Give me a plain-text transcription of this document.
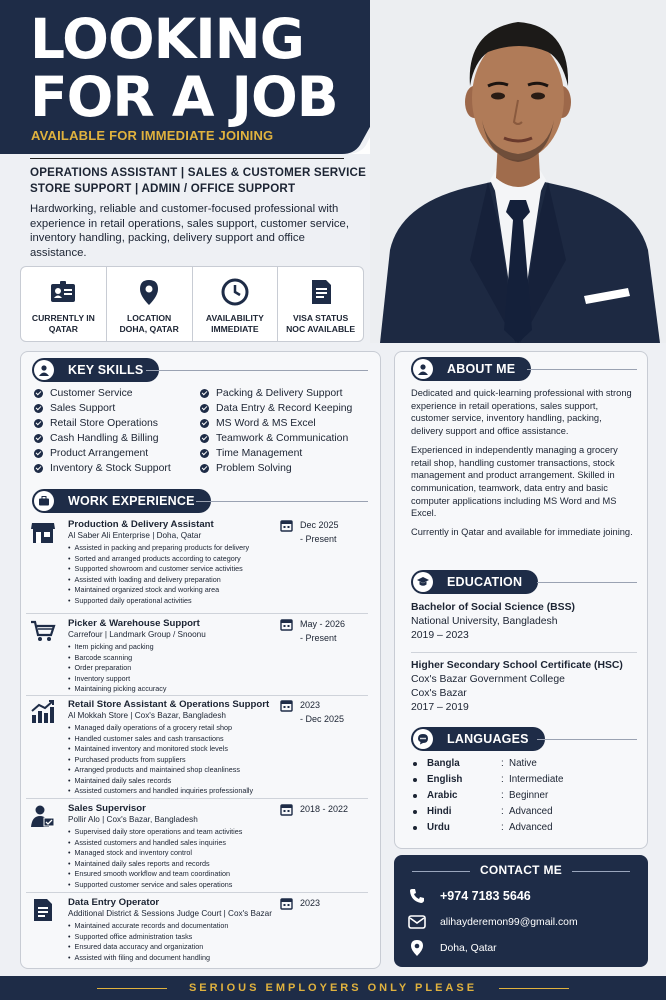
LOOKING
FOR A JOB
AVAILABLE FOR IMMEDIATE JOINING
OPERATIONS ASSISTANT | SALES & CUSTOMER SERVICE
STORE SUPPORT | ADMIN / OFFICE SUPPORT
Hardworking, reliable and customer-focused professional with experience in retail operations, sales support, customer service, inventory handling, packing, delivery support and office assistance.
CURRENTLY IN
QATAR
LOCATION
DOHA, QATAR
AVAILABILITY
IMMEDIATE
VISA STATUS
NOC AVAILABLE
KEY SKILLS
Customer Service
Sales Support
Retail Store Operations
Cash Handling & Billing
Product Arrangement
Inventory & Stock Support
Packing & Delivery Support
Data Entry & Record Keeping
MS Word & MS Excel
Teamwork & Communication
Time Management
Problem Solving
WORK EXPERIENCE
Production & Delivery Assistant
Al Saber Ali Enterprise | Doha, Qatar
• Assisted in packing and preparing products for delivery
• Sorted and arranged products according to category
• Supported showroom and customer service activities
• Assisted with loading and delivery preparation
• Maintained organized stock and working area
• Supported daily operational activities
Dec 2025
- Present
Picker & Warehouse Support
Carrefour | Landmark Group / Snoonu
• Item picking and packing
• Barcode scanning
• Order preparation
• Inventory support
• Maintaining picking accuracy
May - 2026
- Present
Retail Store Assistant & Operations Support
Al Mokkah Store | Cox's Bazar, Bangladesh
• Managed daily operations of a grocery retail shop
• Handled customer sales and cash transactions
• Maintained inventory and monitored stock levels
• Purchased products from suppliers
• Arranged products and maintained shop cleanliness
• Maintained daily sales records
• Assisted customers and handled inquiries professionally
2023
- Dec 2025
Sales Supervisor
Pollir Alo | Cox's Bazar, Bangladesh
• Supervised daily store operations and team activities
• Assisted customers and handled sales inquiries
• Managed stock and inventory control
• Maintained daily sales reports and records
• Ensured smooth workflow and team coordination
• Supported customer service and sales operations
2018 - 2022
Data Entry Operator
Additional District & Sessions Judge Court | Cox's Bazar
• Maintained accurate records and documentation
• Supported office administration tasks
• Ensured data accuracy and organization
• Assisted with filing and document handling
2023
ABOUT ME

Dedicated and quick-learning professional with strong experience in retail operations, sales support, customer service, inventory handling, packing, delivery support and office assistance.

Experienced in independently managing a grocery retail shop, handling customer transactions, stock management and product arrangement. Skilled in communication, teamwork, data entry and basic computer applications including MS Word and MS Excel.

Currently in Qatar and available for immediate joining.

EDUCATION
Bachelor of Social Science (BSS)
National University, Bangladesh
2019 – 2023
Higher Secondary School Certificate (HSC)
Cox's Bazar Government College
Cox's Bazar
2017 – 2019
LANGUAGES
Bangla	: Native
English	: Intermediate
Arabic	: Beginner
Hindi	: Advanced
Urdu	: Advanced
CONTACT ME
+974 7183 5646
alihayderemon99@gmail.com
Doha, Qatar
SERIOUS EMPLOYERS ONLY PLEASE
